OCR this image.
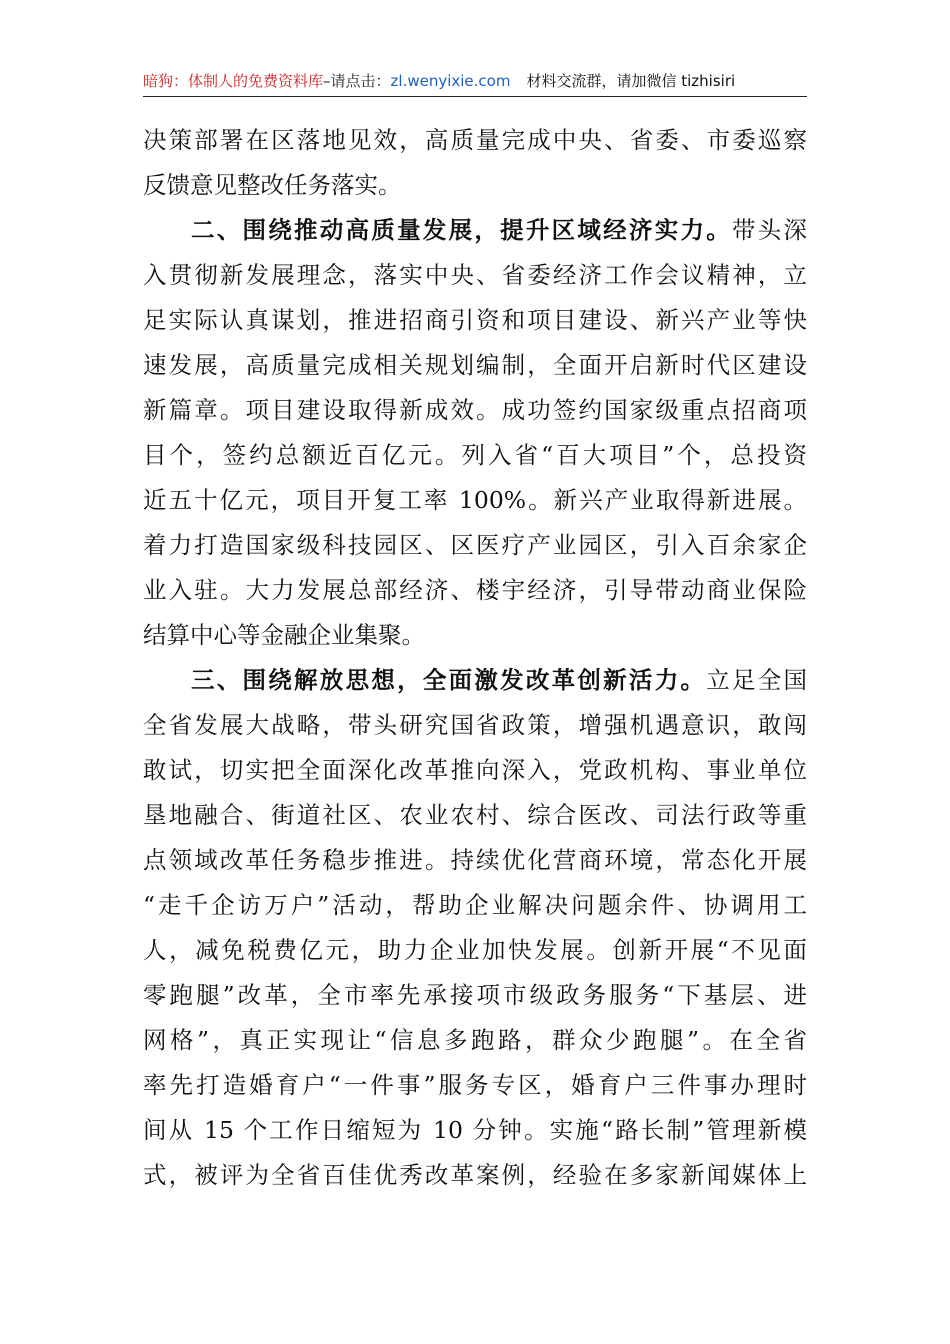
暗狗：体制人的免费资料库–请点击：zl.wenyixie.com 材料交流群，请加微信 tizhisiri
决策部署在区落地见效，高质量完成中央、省委、市委巡察
反馈意见整改任务落实。
二、围绕推动高质量发展，提升区域经济实力。带头深
入贯彻新发展理念，落实中央、省委经济工作会议精神，立
足实际认真谋划，推进招商引资和项目建设、新兴产业等快
速发展，高质量完成相关规划编制，全面开启新时代区建设
新篇章。项目建设取得新成效。成功签约国家级重点招商项
目个，签约总额近百亿元。列入省“百大项目”个，总投资
近五十亿元，项目开复工率 100%。新兴产业取得新进展。
着力打造国家级科技园区、区医疗产业园区，引入百余家企
业入驻。大力发展总部经济、楼宇经济，引导带动商业保险
结算中心等金融企业集聚。
三、围绕解放思想，全面激发改革创新活力。立足全国
全省发展大战略，带头研究国省政策，增强机遇意识，敢闯
敢试，切实把全面深化改革推向深入，党政机构、事业单位
垦地融合、街道社区、农业农村、综合医改、司法行政等重
点领域改革任务稳步推进。持续优化营商环境，常态化开展
“走千企访万户”活动，帮助企业解决问题余件、协调用工
人，减免税费亿元，助力企业加快发展。创新开展“不见面
零跑腿”改革，全市率先承接项市级政务服务“下基层、进
网格”，真正实现让“信息多跑路，群众少跑腿”。在全省
率先打造婚育户“一件事”服务专区，婚育户三件事办理时
间从 15 个工作日缩短为 10 分钟。实施“路长制”管理新模
式，被评为全省百佳优秀改革案例，经验在多家新闻媒体上
